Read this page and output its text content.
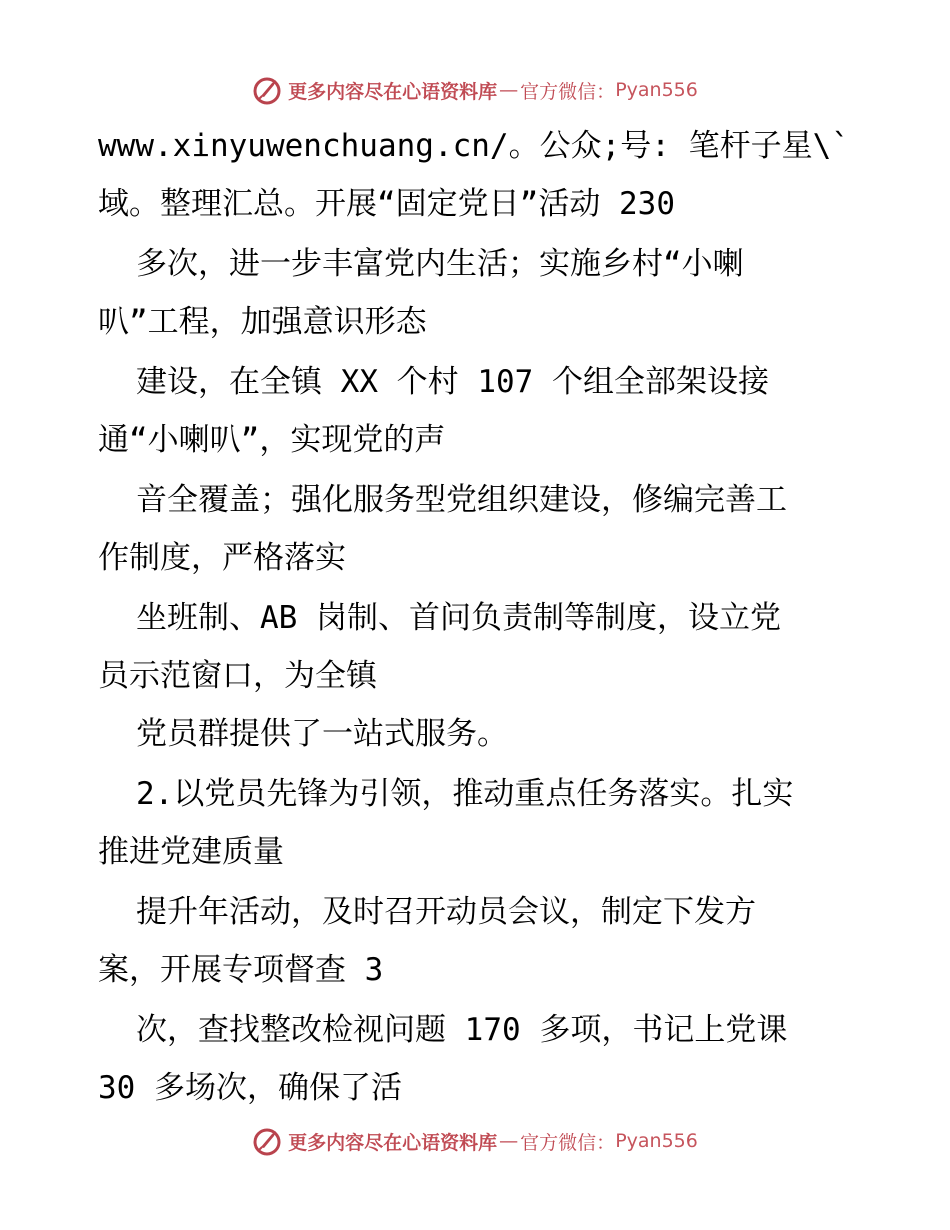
更多内容尽在心语资料库 — 官方微信： Pyan556
www.xinyuwenchuang.cn/。公众;号: 笔杆子星\`
域。整理汇总。开展“固定党日”活动 230
多次，进一步丰富党内生活；实施乡村“小喇
叭”工程，加强意识形态
建设，在全镇 XX 个村 107 个组全部架设接
通“小喇叭”，实现党的声
音全覆盖；强化服务型党组织建设，修编完善工
作制度，严格落实
坐班制、AB 岗制、首问负责制等制度，设立党
员示范窗口，为全镇
党员群提供了一站式服务。
2.以党员先锋为引领，推动重点任务落实。扎实
推进党建质量
提升年活动，及时召开动员会议，制定下发方
案，开展专项督查 3
次，查找整改检视问题 170 多项，书记上党课
30 多场次，确保了活
更多内容尽在心语资料库 — 官方微信： Pyan556
